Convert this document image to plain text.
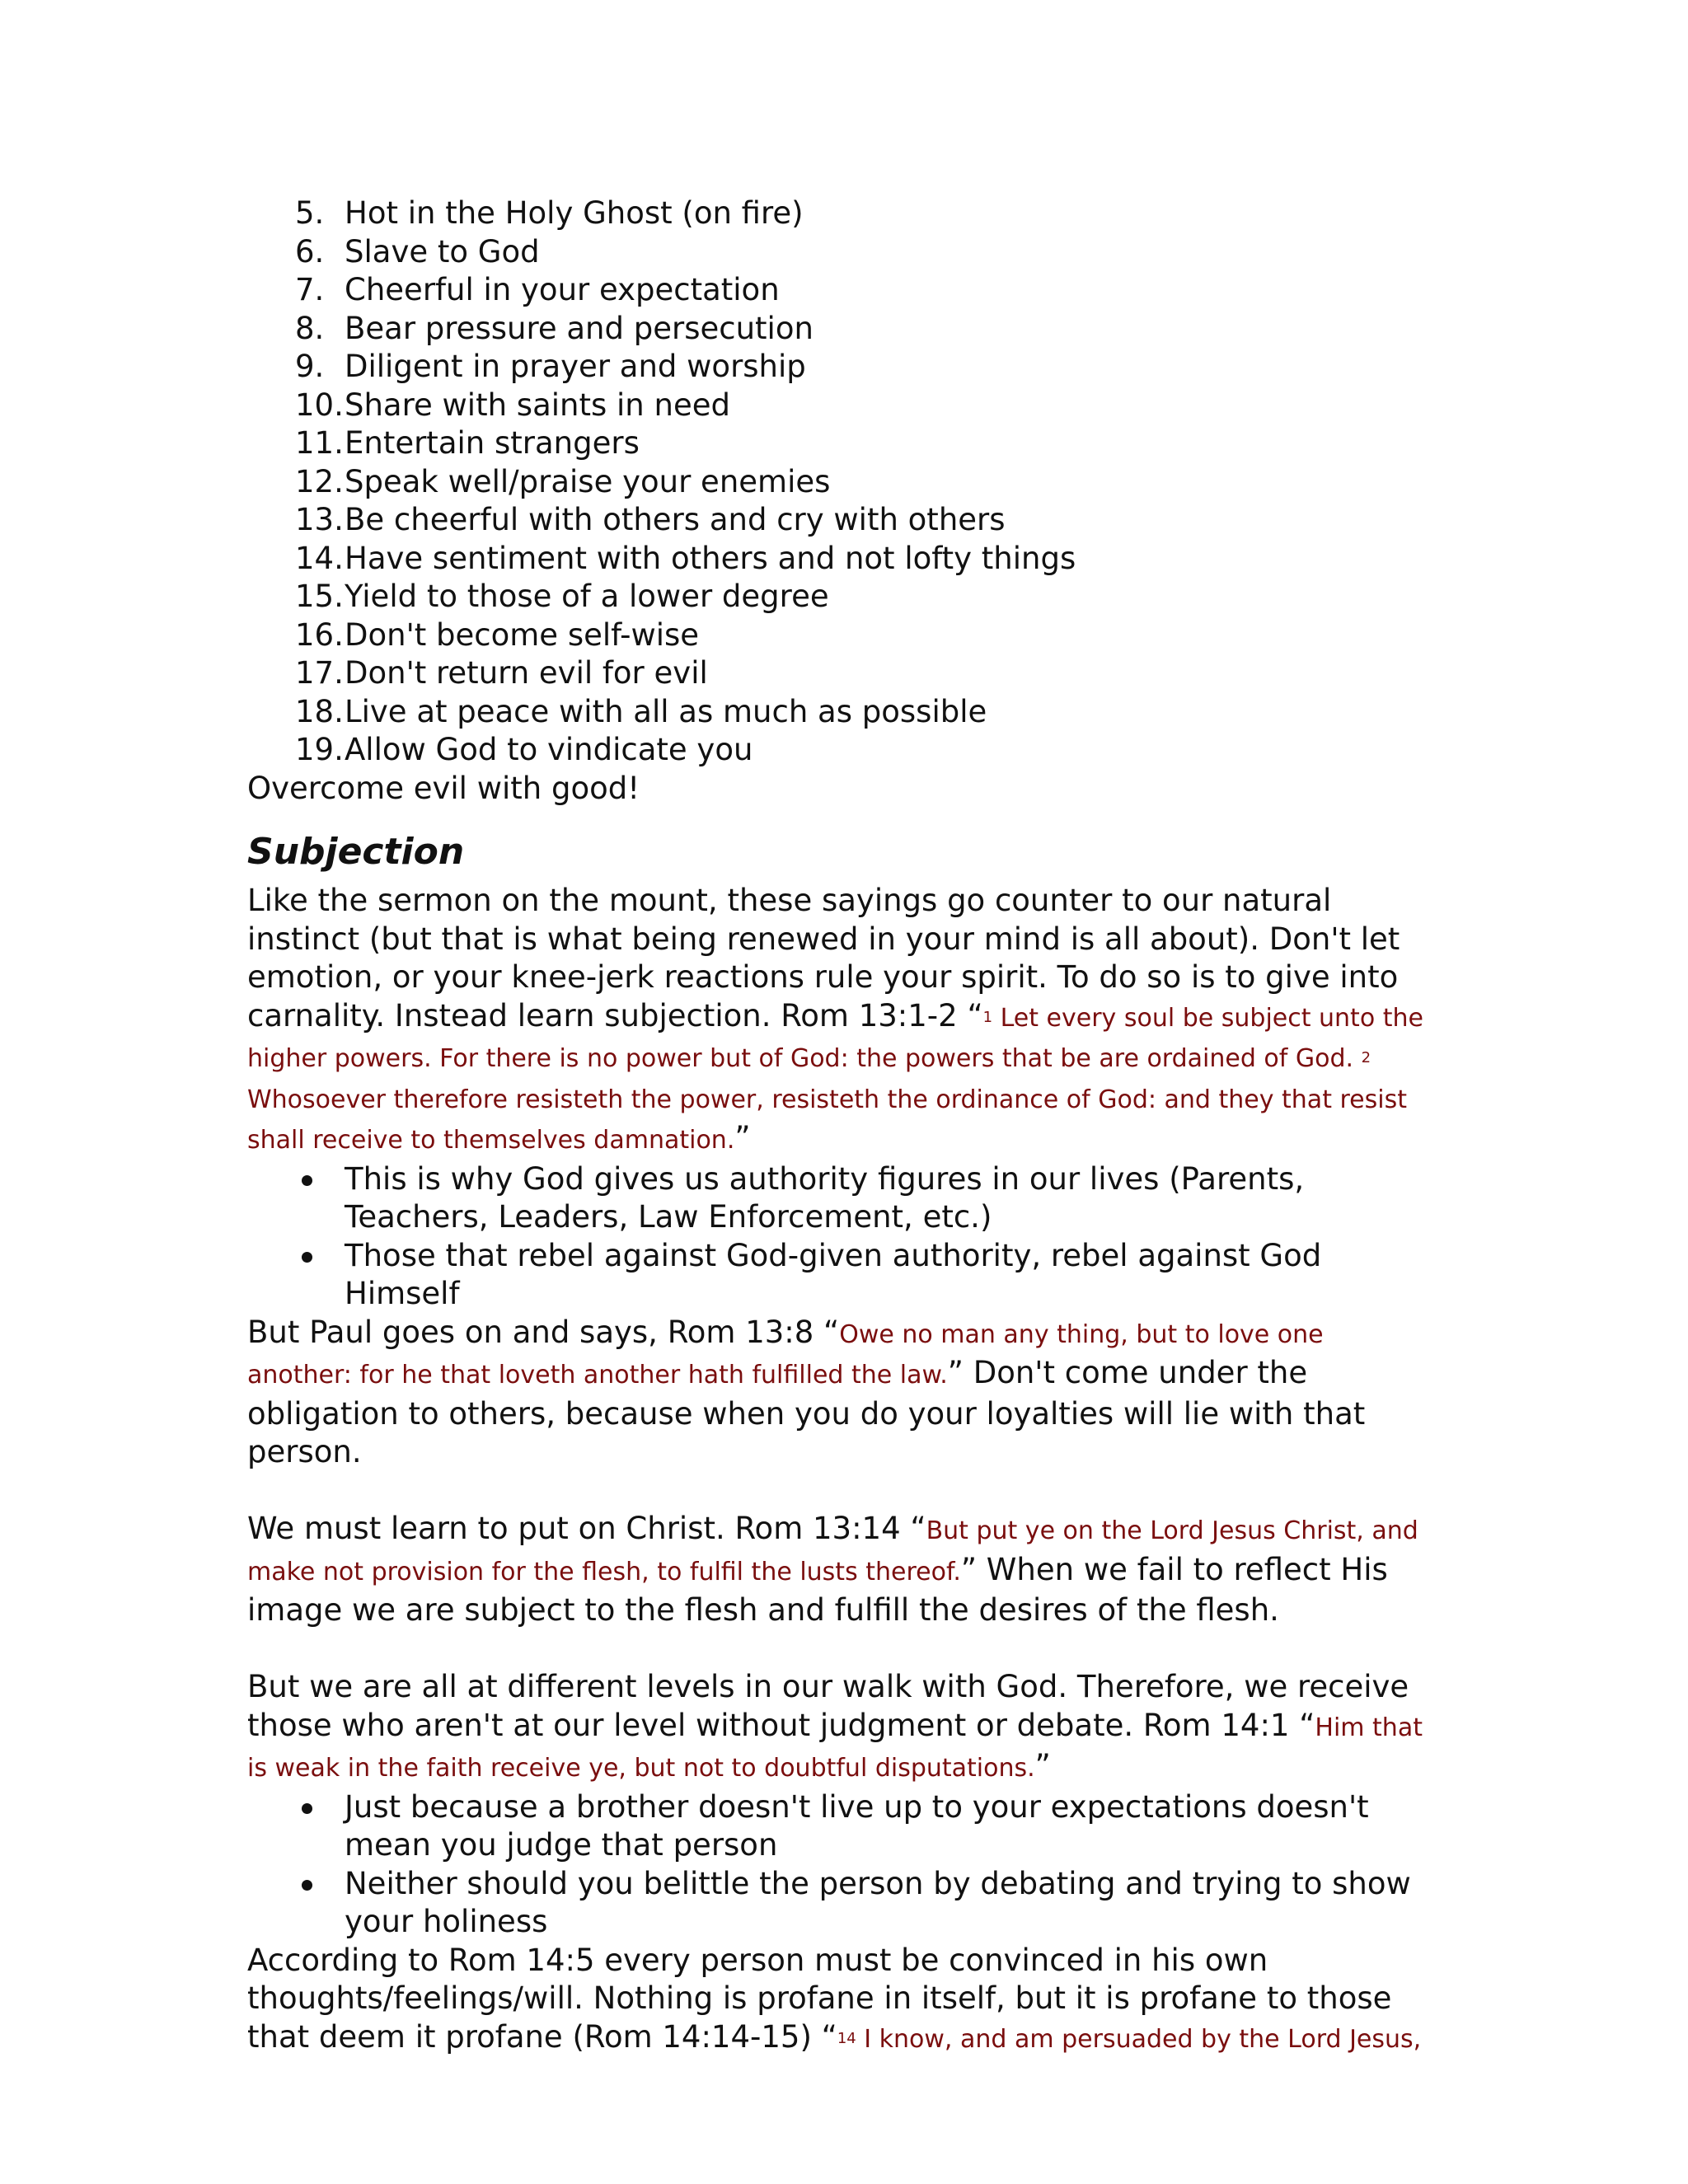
5. Hot in the Holy Ghost (on fire)
6. Slave to God
7. Cheerful in your expectation
8. Bear pressure and persecution
9. Diligent in prayer and worship
10. Share with saints in need
11. Entertain strangers
12. Speak well/praise your enemies
13. Be cheerful with others and cry with others
14. Have sentiment with others and not lofty things
15. Yield to those of a lower degree
16. Don't become self-wise
17. Don't return evil for evil
18. Live at peace with all as much as possible
19. Allow God to vindicate you

Overcome evil with good!

Subjection

Like the sermon on the mount, these sayings go counter to our natural instinct (but that is what being renewed in your mind is all about). Don't let emotion, or your knee-jerk reactions rule your spirit. To do so is to give into carnality. Instead learn subjection. Rom 13:1-2 “$^1$ Let every soul be subject unto the higher powers. For there is no power but of God: the powers that be are ordained of God. $^2$ Whosoever therefore resisteth the power, resisteth the ordinance of God: and they that resist shall receive to themselves damnation.”

This is why God gives us authority figures in our lives (Parents, Teachers, Leaders, Law Enforcement, etc.)
Those that rebel against God-given authority, rebel against God Himself

But Paul goes on and says, Rom 13:8 “Owe no man any thing, but to love one another: for he that loveth another hath fulfilled the law.” Don't come under the obligation to others, because when you do your loyalties will lie with that person.

We must learn to put on Christ. Rom 13:14 “But put ye on the Lord Jesus Christ, and make not provision for the flesh, to fulfil the lusts thereof.” When we fail to reflect His image we are subject to the flesh and fulfill the desires of the flesh.

But we are all at different levels in our walk with God. Therefore, we receive those who aren't at our level without judgment or debate. Rom 14:1 “Him that is weak in the faith receive ye, but not to doubtful disputations.”

Just because a brother doesn't live up to your expectations doesn't mean you judge that person
Neither should you belittle the person by debating and trying to show your holiness

According to Rom 14:5 every person must be convinced in his own thoughts/feelings/will. Nothing is profane in itself, but it is profane to those that deem it profane (Rom 14:14-15) “$^{14}$ I know, and am persuaded by the Lord Jesus,
